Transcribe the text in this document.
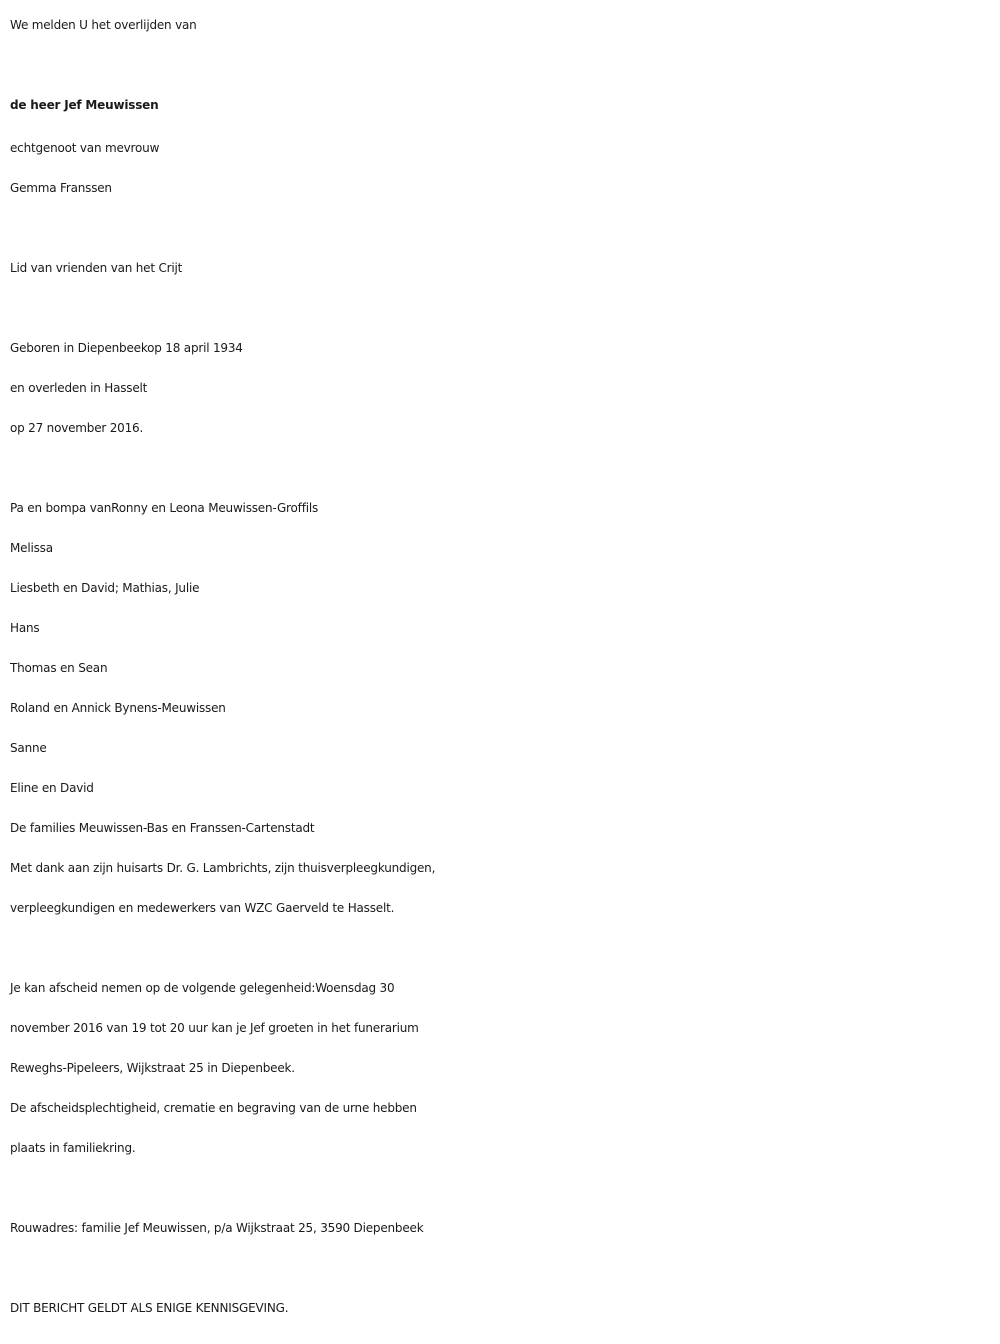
We melden U het overlijden van
de heer Jef Meuwissen
echtgenoot van mevrouw
Gemma Franssen
Lid van vrienden van het Crijt
Geboren in Diepenbeekop 18 april 1934
en overleden in Hasselt
op 27 november 2016.
Pa en bompa vanRonny en Leona Meuwissen-Groffils
Melissa
Liesbeth en David; Mathias, Julie
Hans
Thomas en Sean
Roland en Annick Bynens-Meuwissen
Sanne
Eline en David
De families Meuwissen-Bas en Franssen-Cartenstadt
Met dank aan zijn huisarts Dr. G. Lambrichts, zijn thuisverpleegkundigen,
verpleegkundigen en medewerkers van WZC Gaerveld te Hasselt.
Je kan afscheid nemen op de volgende gelegenheid:Woensdag 30
november 2016 van 19 tot 20 uur kan je Jef groeten in het funerarium
Reweghs-Pipeleers, Wijkstraat 25 in Diepenbeek.
De afscheidsplechtigheid, crematie en begraving van de urne hebben
plaats in familiekring.
Rouwadres: familie Jef Meuwissen, p/a Wijkstraat 25, 3590 Diepenbeek
DIT BERICHT GELDT ALS ENIGE KENNISGEVING.
